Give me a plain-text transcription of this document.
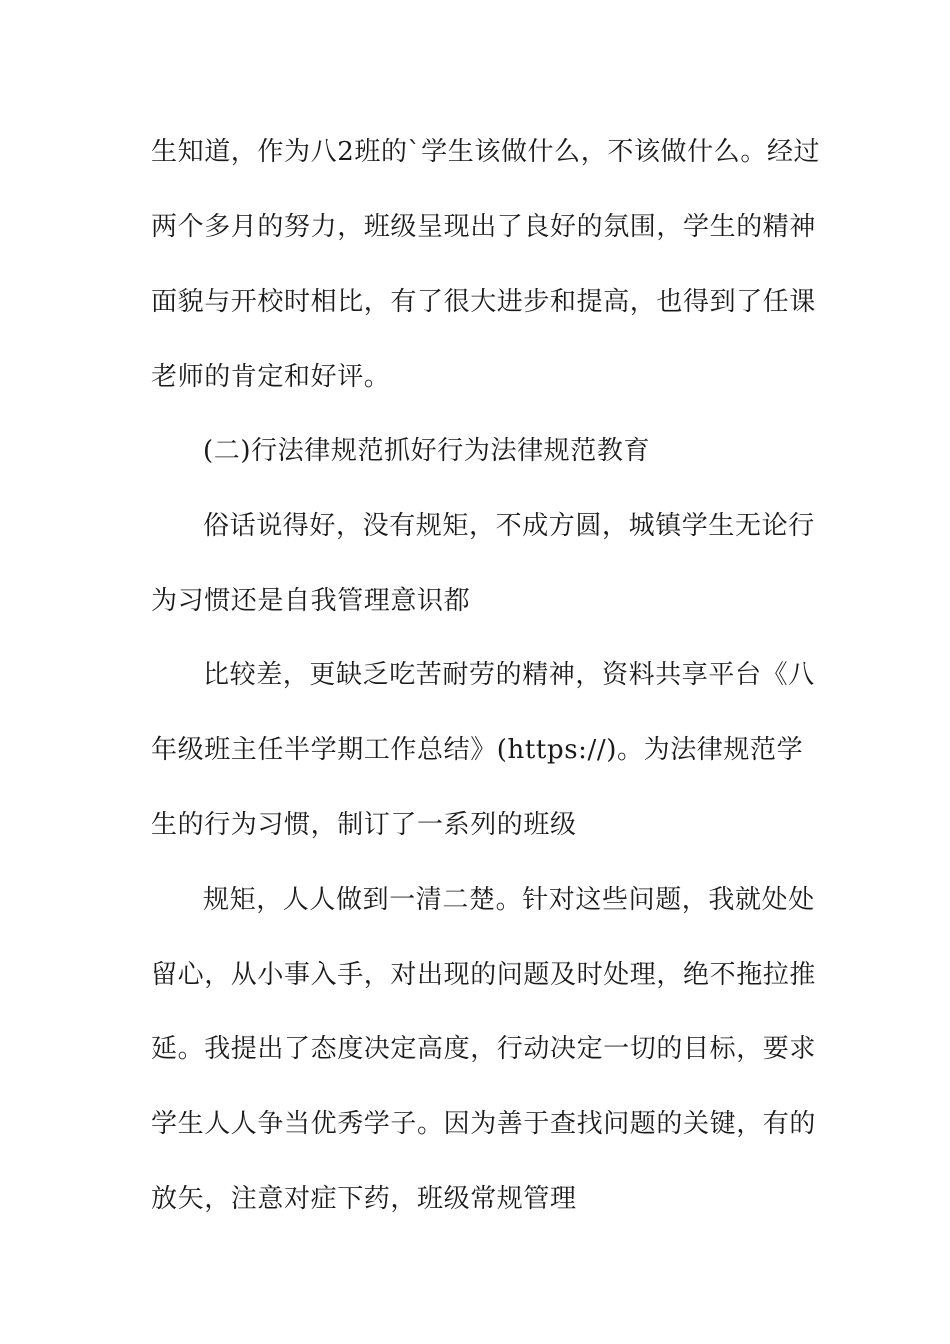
生知道，作为八2班的`学生该做什么，不该做什么。经过
两个多月的努力，班级呈现出了良好的氛围，学生的精神
面貌与开校时相比，有了很大进步和提高，也得到了任课
老师的肯定和好评。
(二)行法律规范抓好行为法律规范教育
俗话说得好，没有规矩，不成方圆，城镇学生无论行
为习惯还是自我管理意识都
比较差，更缺乏吃苦耐劳的精神，资料共享平台《八
年级班主任半学期工作总结》(https://)。为法律规范学
生的行为习惯，制订了一系列的班级
规矩，人人做到一清二楚。针对这些问题，我就处处
留心，从小事入手，对出现的问题及时处理，绝不拖拉推
延。我提出了态度决定高度，行动决定一切的目标，要求
学生人人争当优秀学子。因为善于查找问题的关键，有的
放矢，注意对症下药，班级常规管理
